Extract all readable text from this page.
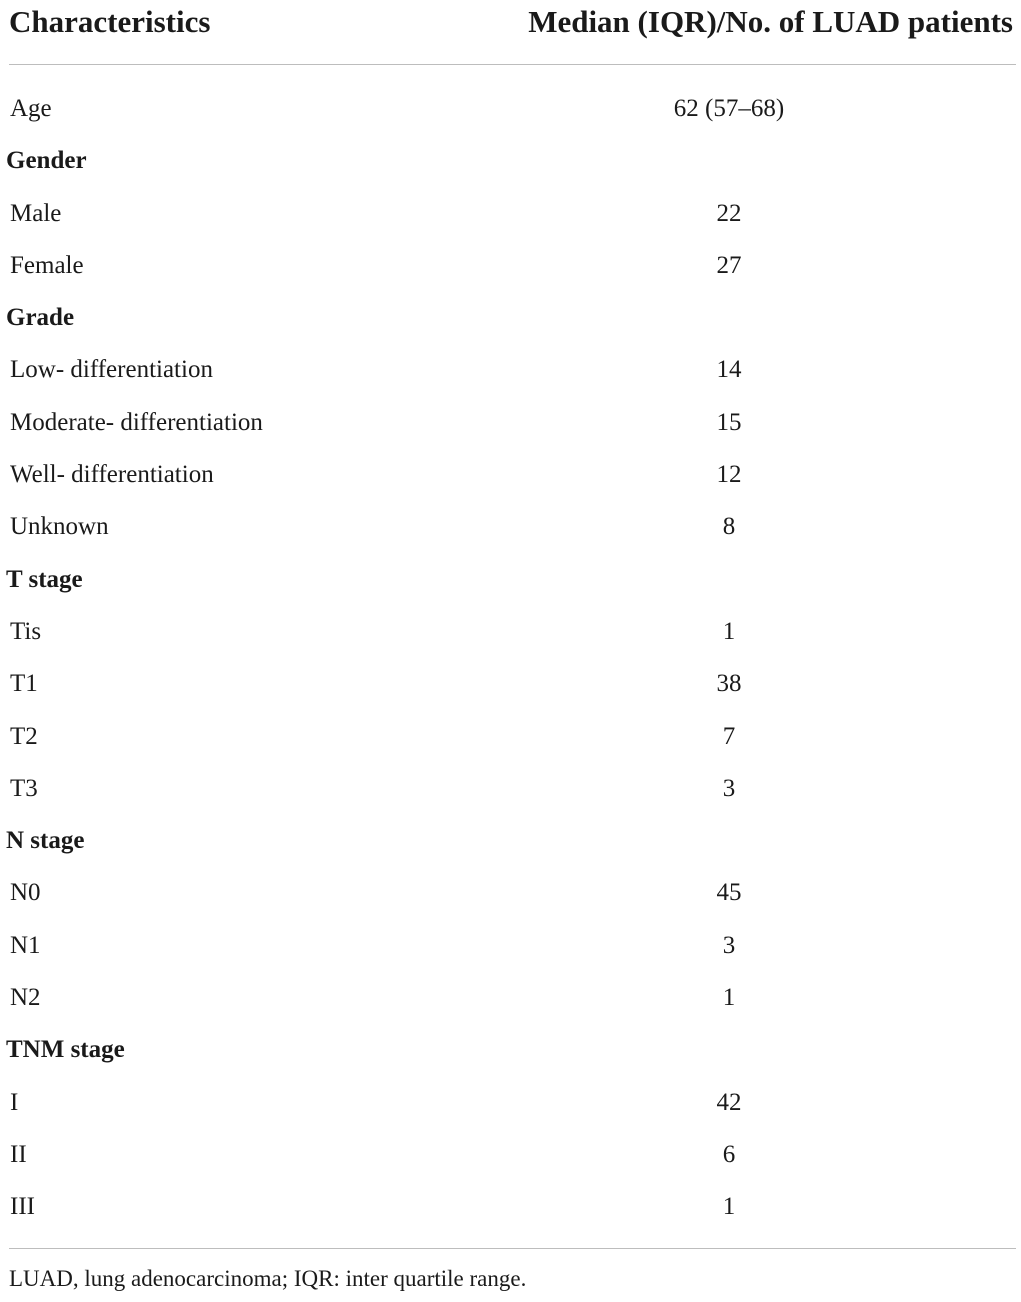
Characteristics	Median (IQR)/No. of LUAD patients
Age	62 (57–68)
Gender
Male	22
Female	27
Grade
Low- differentiation	14
Moderate- differentiation	15
Well- differentiation	12
Unknown	8
T stage
Tis	1
T1	38
T2	7
T3	3
N stage
N0	45
N1	3
N2	1
TNM stage
I	42
II	6
III	1
LUAD, lung adenocarcinoma; IQR: inter quartile range.
